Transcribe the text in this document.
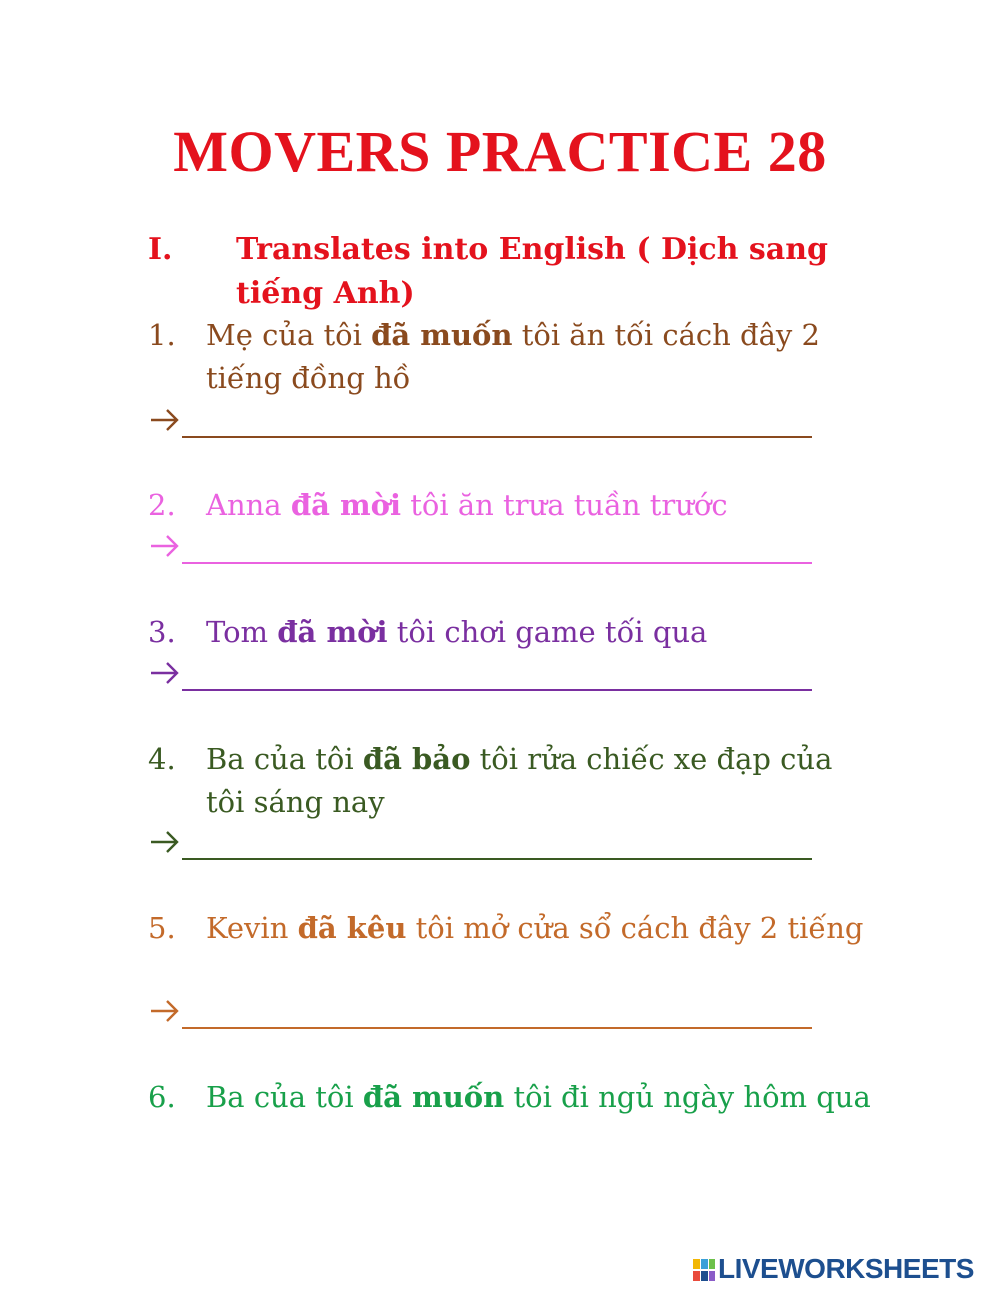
MOVERS PRACTICE 28
I. Translates into English ( Dịch sang tiếng Anh)
1. Mẹ của tôi đã muốn tôi ăn tối cách đây 2 tiếng đồng hồ
2. Anna đã mời tôi ăn trưa tuần trước
3. Tom đã mời tôi chơi game tối qua
4. Ba của tôi đã bảo tôi rửa chiếc xe đạp của tôi sáng nay
5. Kevin đã kêu tôi mở cửa sổ cách đây 2 tiếng
6. Ba của tôi đã muốn tôi đi ngủ ngày hôm qua
LIVEWORKSHEETS
